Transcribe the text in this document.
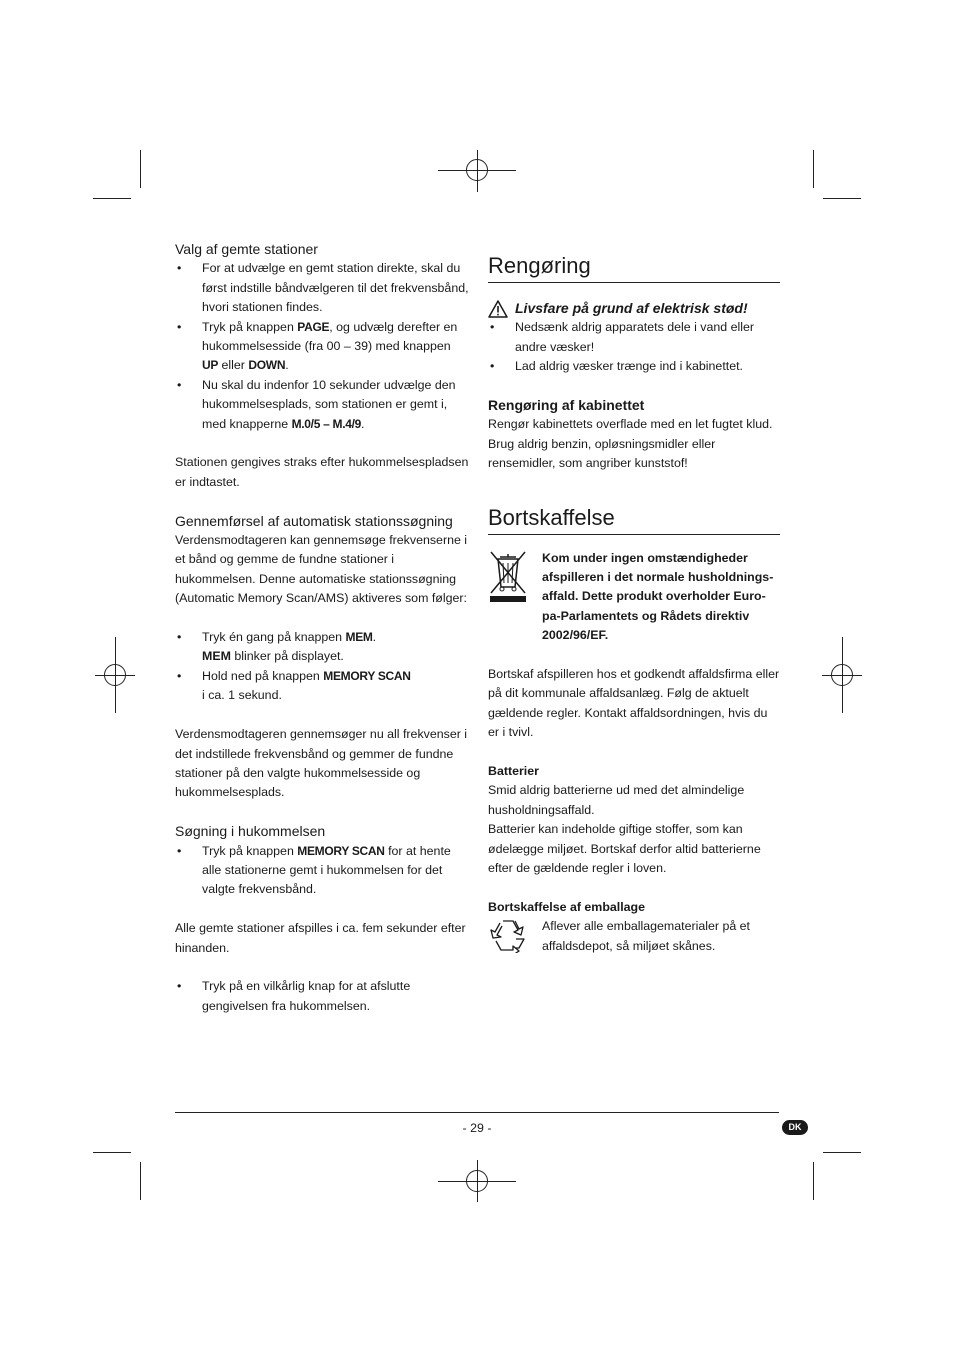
Valg af gemte stationer
• For at udvælge en gemt station direkte, skal du først indstille båndvælgeren til det frekvensbånd, hvori stationen findes.
• Tryk på knappen PAGE, og udvælg derefter en hukommelsesside (fra 00 – 39) med knappen UP eller DOWN.
• Nu skal du indenfor 10 sekunder udvælge den hukommelsesplads, som stationen er gemt i, med knapperne M.0/5 – M.4/9.

Stationen gengives straks efter hukommelsespladsen er indtastet.

Gennemførsel af automatisk stationssøgning

Verdensmodtageren kan gennemsøge frekvenserne i et bånd og gemme de fundne stationer i hukommelsen. Denne automatiske stationssøgning (Automatic Memory Scan/AMS) aktiveres som følger:

• Tryk én gang på knappen MEM.
MEM blinker på displayet.
• Hold ned på knappen MEMORY SCAN
i ca. 1 sekund.

Verdensmodtageren gennemsøger nu all frekvenser i det indstillede frekvensbånd og gemmer de fundne stationer på den valgte hukommelsesside og hukommelsesplads.

Søgning i hukommelsen
• Tryk på knappen MEMORY SCAN for at hente alle stationerne gemt i hukommelsen for det valgte frekvensbånd.

Alle gemte stationer afspilles i ca. fem sekunder efter hinanden.

• Tryk på en vilkårlig knap for at afslutte gengivelsen fra hukommelsen.
Rengøring
Livsfare på grund af elektrisk stød!
• Nedsænk aldrig apparatets dele i vand eller andre væsker!
• Lad aldrig væsker trænge ind i kabinettet.
Rengøring af kabinettet

Rengør kabinettets overflade med en let fugtet klud. Brug aldrig benzin, opløsningsmidler eller rensemidler, som angriber kunststof!

Bortskaffelse
Kom under ingen omstændigheder afspilleren i det normale husholdnings-affald. Dette produkt overholder Euro-pa-Parlamentets og Rådets direktiv 2002/96/EF.

Bortskaf afspilleren hos et godkendt affaldsfirma eller på dit kommunale affaldsanlæg. Følg de aktuelt gældende regler. Kontakt affaldsordningen, hvis du er i tvivl.

Batterier

Smid aldrig batterierne ud med det almindelige husholdningsaffald.

Batterier kan indeholde giftige stoffer, som kan ødelægge miljøet. Bortskaf derfor altid batterierne efter de gældende regler i loven.

Bortskaffelse af emballage
Aflever alle emballagematerialer på et affaldsdepot, så miljøet skånes.
- 29 -	DK
